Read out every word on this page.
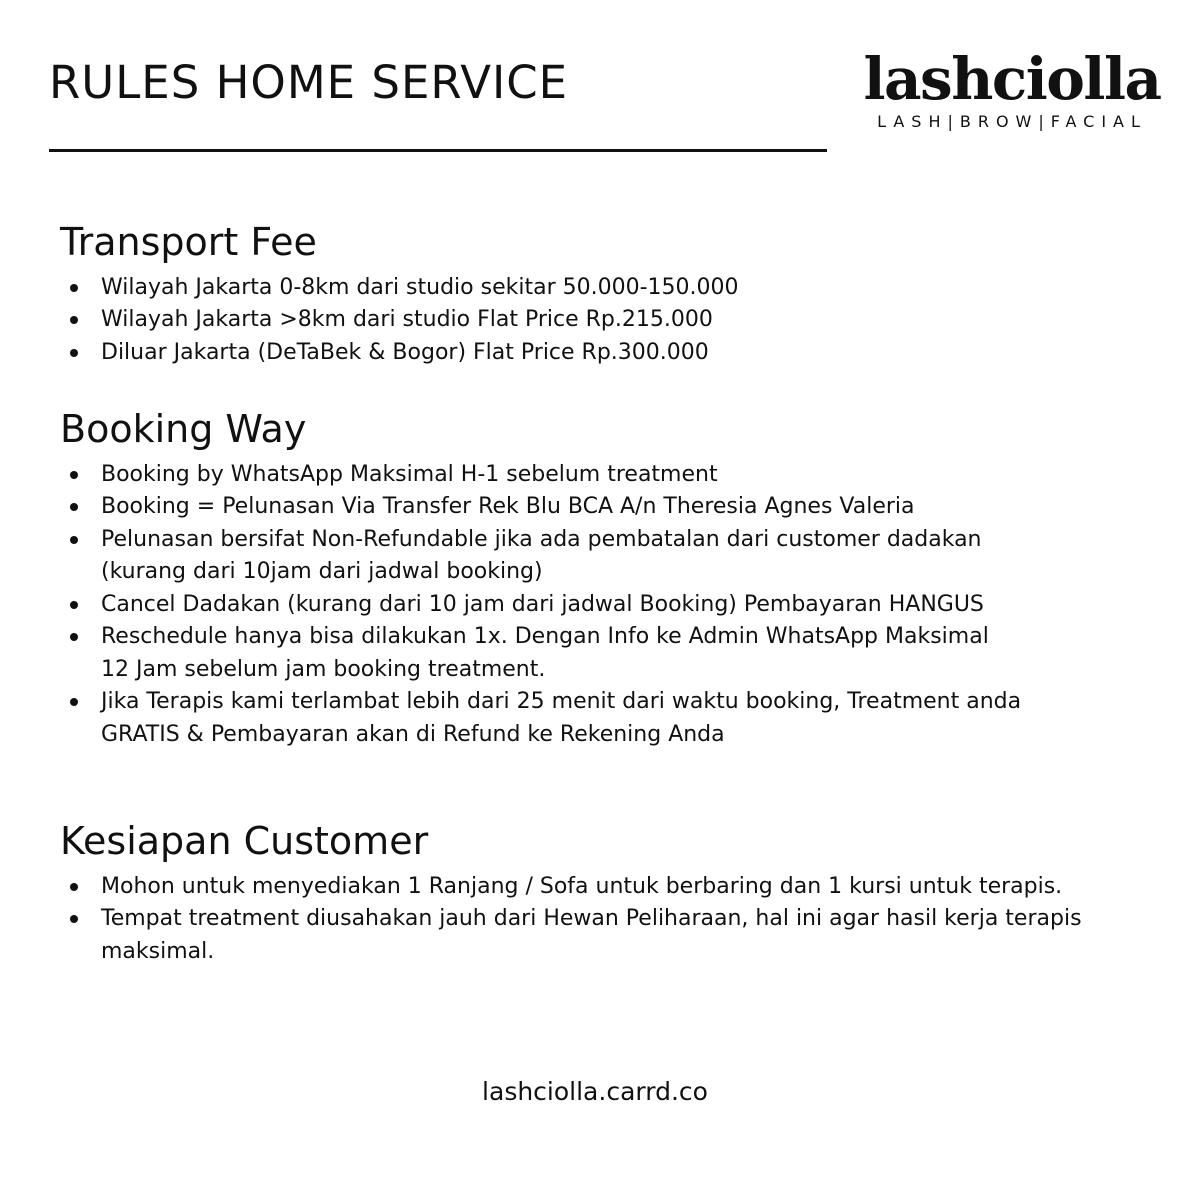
RULES HOME SERVICE	lashciolla
LASH|BROW|FACIAL
Transport Fee
Wilayah Jakarta 0-8km dari studio sekitar 50.000-150.000
Wilayah Jakarta >8km dari studio Flat Price Rp.215.000
Diluar Jakarta (DeTaBek & Bogor) Flat Price Rp.300.000
Booking Way
Booking by WhatsApp Maksimal H-1 sebelum treatment
Booking = Pelunasan Via Transfer Rek Blu BCA A/n Theresia Agnes Valeria
Pelunasan bersifat Non-Refundable jika ada pembatalan dari customer dadakan (kurang dari 10jam dari jadwal booking)
Cancel Dadakan (kurang dari 10 jam dari jadwal Booking) Pembayaran HANGUS
Reschedule hanya bisa dilakukan 1x. Dengan Info ke Admin WhatsApp Maksimal 12 Jam sebelum jam booking treatment.
Jika Terapis kami terlambat lebih dari 25 menit dari waktu booking, Treatment anda GRATIS & Pembayaran akan di Refund ke Rekening Anda
Kesiapan Customer
Mohon untuk menyediakan 1 Ranjang / Sofa untuk berbaring dan 1 kursi untuk terapis.
Tempat treatment diusahakan jauh dari Hewan Peliharaan, hal ini agar hasil kerja terapis maksimal.
lashciolla.carrd.co
